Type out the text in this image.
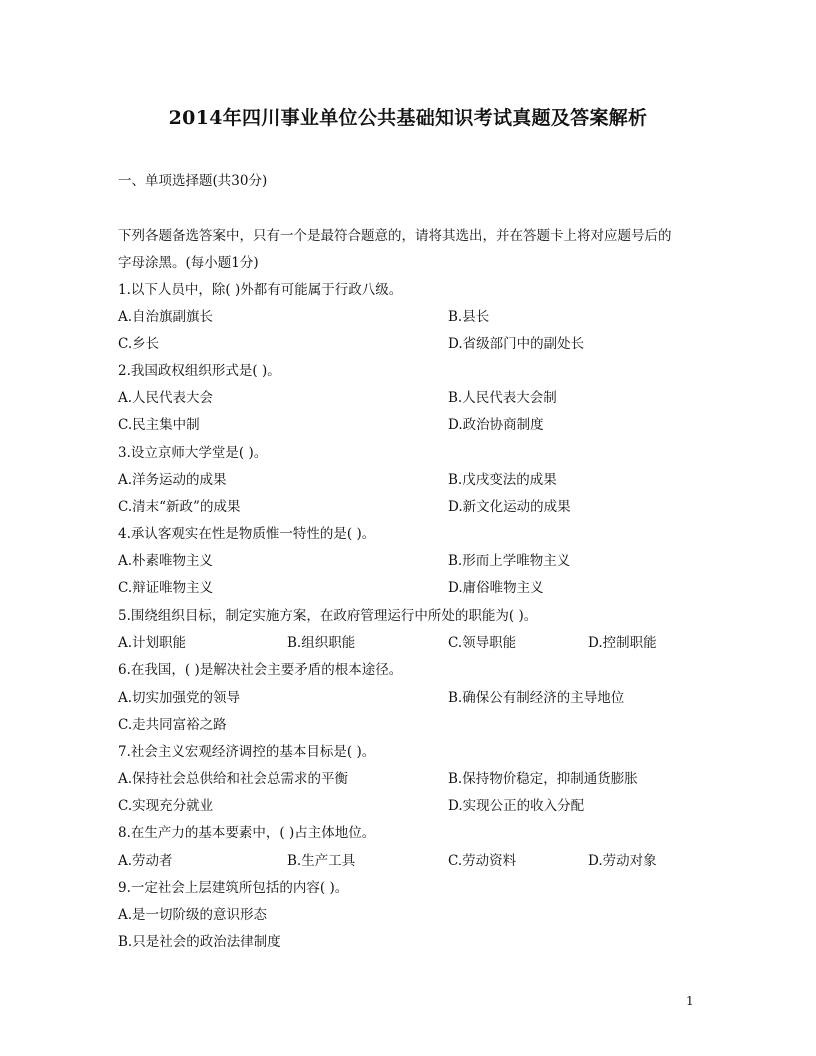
2014年四川事业单位公共基础知识考试真题及答案解析
一、单项选择题(共30分)
下列各题备选答案中，只有一个是最符合题意的，请将其选出，并在答题卡上将对应题号后的
字母涂黑。(每小题1分)
1.以下人员中，除( )外都有可能属于行政八级。
A.自治旗副旗长	B.县长
C.乡长	D.省级部门中的副处长
2.我国政权组织形式是( )。
A.人民代表大会	B.人民代表大会制
C.民主集中制	D.政治协商制度
3.设立京师大学堂是( )。
A.洋务运动的成果	B.戊戌变法的成果
C.清末“新政”的成果	D.新文化运动的成果
4.承认客观实在性是物质惟一特性的是( )。
A.朴素唯物主义	B.形而上学唯物主义
C.辩证唯物主义	D.庸俗唯物主义
5.围绕组织目标，制定实施方案，在政府管理运行中所处的职能为( )。
A.计划职能	B.组织职能	C.领导职能	D.控制职能
6.在我国，( )是解决社会主要矛盾的根本途径。
A.切实加强党的领导	B.确保公有制经济的主导地位
C.走共同富裕之路
7.社会主义宏观经济调控的基本目标是( )。
A.保持社会总供给和社会总需求的平衡	B.保持物价稳定，抑制通货膨胀
C.实现充分就业	D.实现公正的收入分配
8.在生产力的基本要素中，( )占主体地位。
A.劳动者	B.生产工具	C.劳动资料	D.劳动对象
9.一定社会上层建筑所包括的内容( )。
A.是一切阶级的意识形态
B.只是社会的政治法律制度
1
